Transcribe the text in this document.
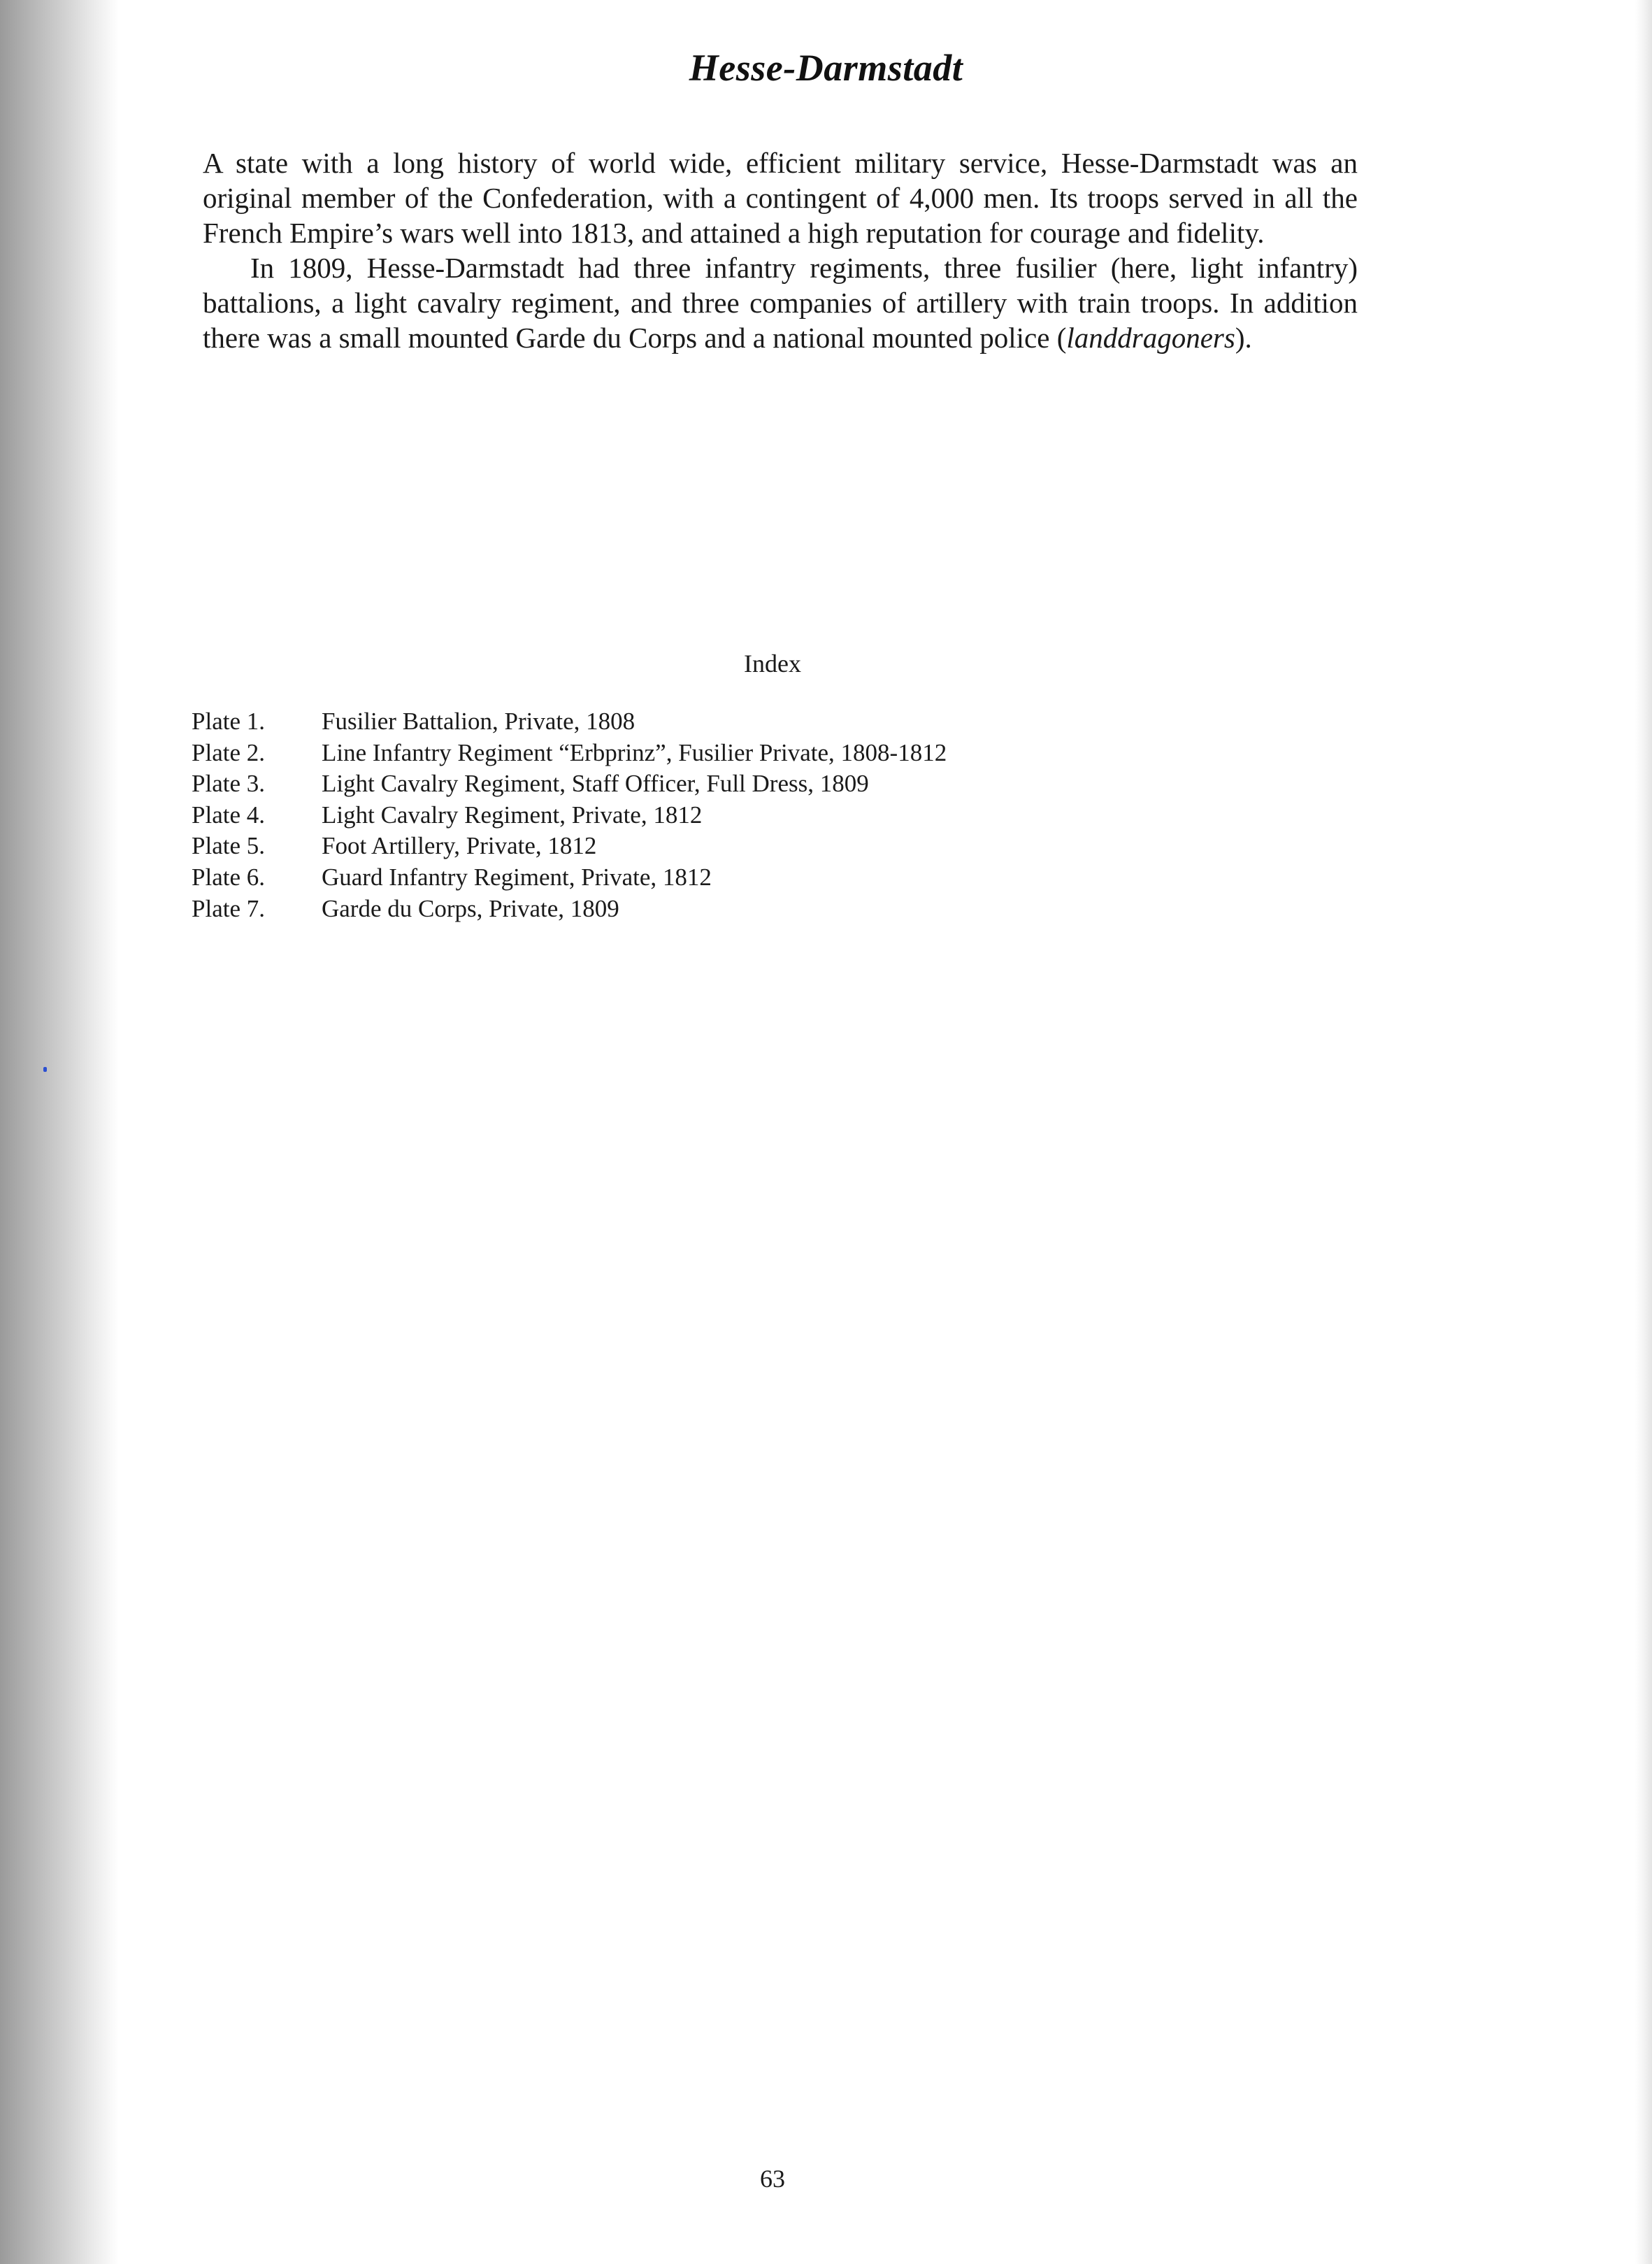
Hesse-Darmstadt

A state with a long history of world wide, efficient military service, Hesse-Darmstadt was an original member of the Confederation, with a contingent of 4,000 men. Its troops served in all the French Empire’s wars well into 1813, and attained a high reputation for courage and fidelity.

In 1809, Hesse-Darmstadt had three infantry regiments, three fusilier (here, light infantry) battalions, a light cavalry regiment, and three companies of artillery with train troops. In addition there was a small mounted Garde du Corps and a national mounted police (landdragoners).

Index
Plate 1.	Fusilier Battalion, Private, 1808
Plate 2.	Line Infantry Regiment “Erbprinz”, Fusilier Private, 1808-1812
Plate 3.	Light Cavalry Regiment, Staff Officer, Full Dress, 1809
Plate 4.	Light Cavalry Regiment, Private, 1812
Plate 5.	Foot Artillery, Private, 1812
Plate 6.	Guard Infantry Regiment, Private, 1812
Plate 7.	Garde du Corps, Private, 1809
63
